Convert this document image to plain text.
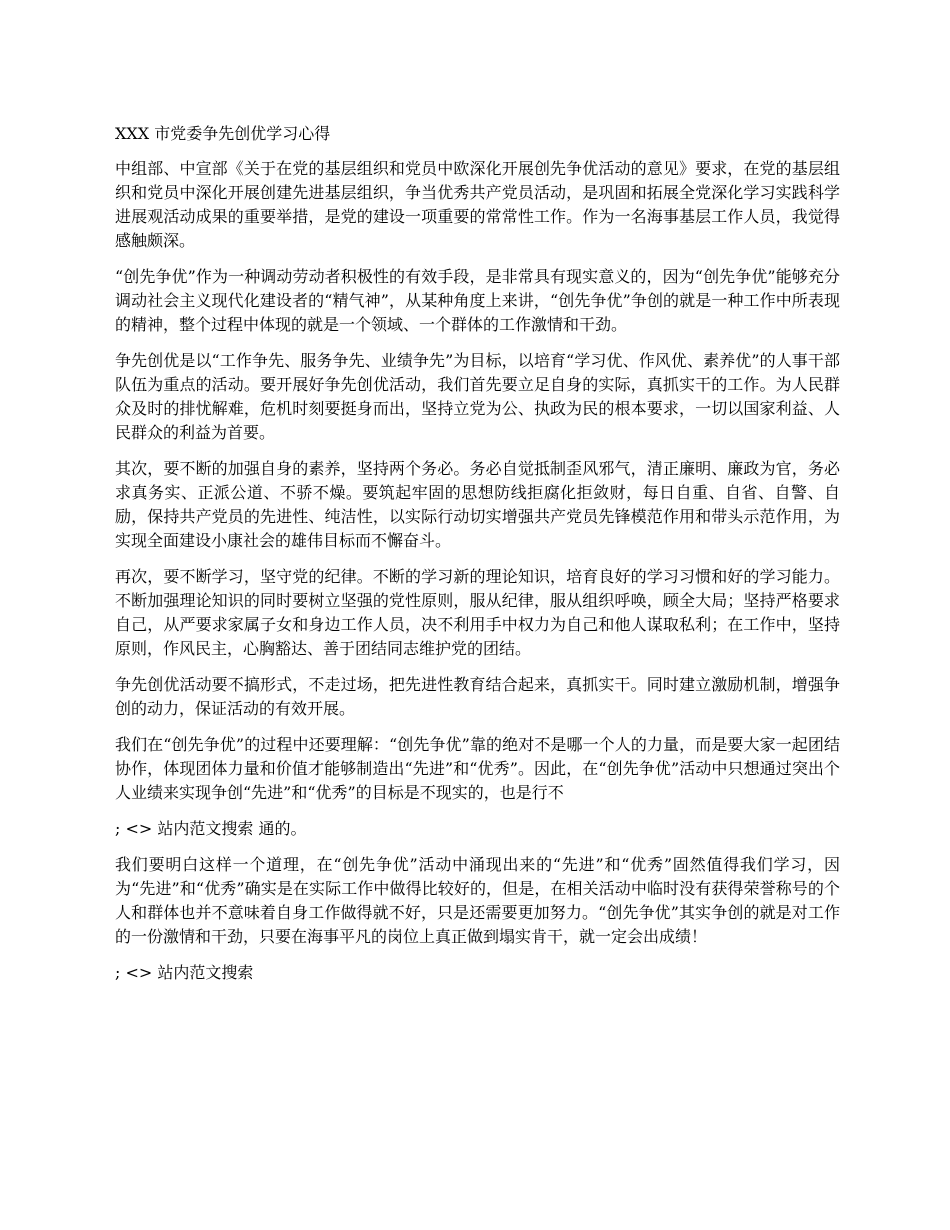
XXX 市党委争先创优学习心得

中组部、中宣部《关于在党的基层组织和党员中欧深化开展创先争优活动的意见》要求，在党的基层组织和党员中深化开展创建先进基层组织，争当优秀共产党员活动，是巩固和拓展全党深化学习实践科学进展观活动成果的重要举措，是党的建设一项重要的常常性工作。作为一名海事基层工作人员，我觉得感触颇深。

“创先争优”作为一种调动劳动者积极性的有效手段，是非常具有现实意义的，因为“创先争优”能够充分调动社会主义现代化建设者的“精气神”，从某种角度上来讲，“创先争优”争创的就是一种工作中所表现的精神，整个过程中体现的就是一个领域、一个群体的工作激情和干劲。

争先创优是以“工作争先、服务争先、业绩争先”为目标，以培育“学习优、作风优、素养优”的人事干部队伍为重点的活动。要开展好争先创优活动，我们首先要立足自身的实际，真抓实干的工作。为人民群众及时的排忧解难，危机时刻要挺身而出，坚持立党为公、执政为民的根本要求，一切以国家利益、人民群众的利益为首要。

其次，要不断的加强自身的素养，坚持两个务必。务必自觉抵制歪风邪气，清正廉明、廉政为官，务必求真务实、正派公道、不骄不燥。要筑起牢固的思想防线拒腐化拒敛财，每日自重、自省、自警、自励，保持共产党员的先进性、纯洁性，以实际行动切实增强共产党员先锋模范作用和带头示范作用，为实现全面建设小康社会的雄伟目标而不懈奋斗。

再次，要不断学习，坚守党的纪律。不断的学习新的理论知识，培育良好的学习习惯和好的学习能力。不断加强理论知识的同时要树立坚强的党性原则，服从纪律，服从组织呼唤，顾全大局；坚持严格要求自己，从严要求家属子女和身边工作人员，决不利用手中权力为自己和他人谋取私利；在工作中，坚持原则，作风民主，心胸豁达、善于团结同志维护党的团结。

争先创优活动要不搞形式，不走过场，把先进性教育结合起来，真抓实干。同时建立激励机制，增强争创的动力，保证活动的有效开展。

我们在“创先争优”的过程中还要理解：“创先争优”靠的绝对不是哪一个人的力量，而是要大家一起团结协作，体现团体力量和价值才能够制造出“先进”和“优秀”。因此，在“创先争优”活动中只想通过突出个人业绩来实现争创“先进”和“优秀”的目标是不现实的，也是行不

; <> 站内范文搜索 通的。

我们要明白这样一个道理，在“创先争优”活动中涌现出来的“先进”和“优秀”固然值得我们学习，因为“先进”和“优秀”确实是在实际工作中做得比较好的，但是，在相关活动中临时没有获得荣誉称号的个人和群体也并不意味着自身工作做得就不好，只是还需要更加努力。“创先争优”其实争创的就是对工作的一份激情和干劲，只要在海事平凡的岗位上真正做到塌实肯干，就一定会出成绩！

; <> 站内范文搜索
